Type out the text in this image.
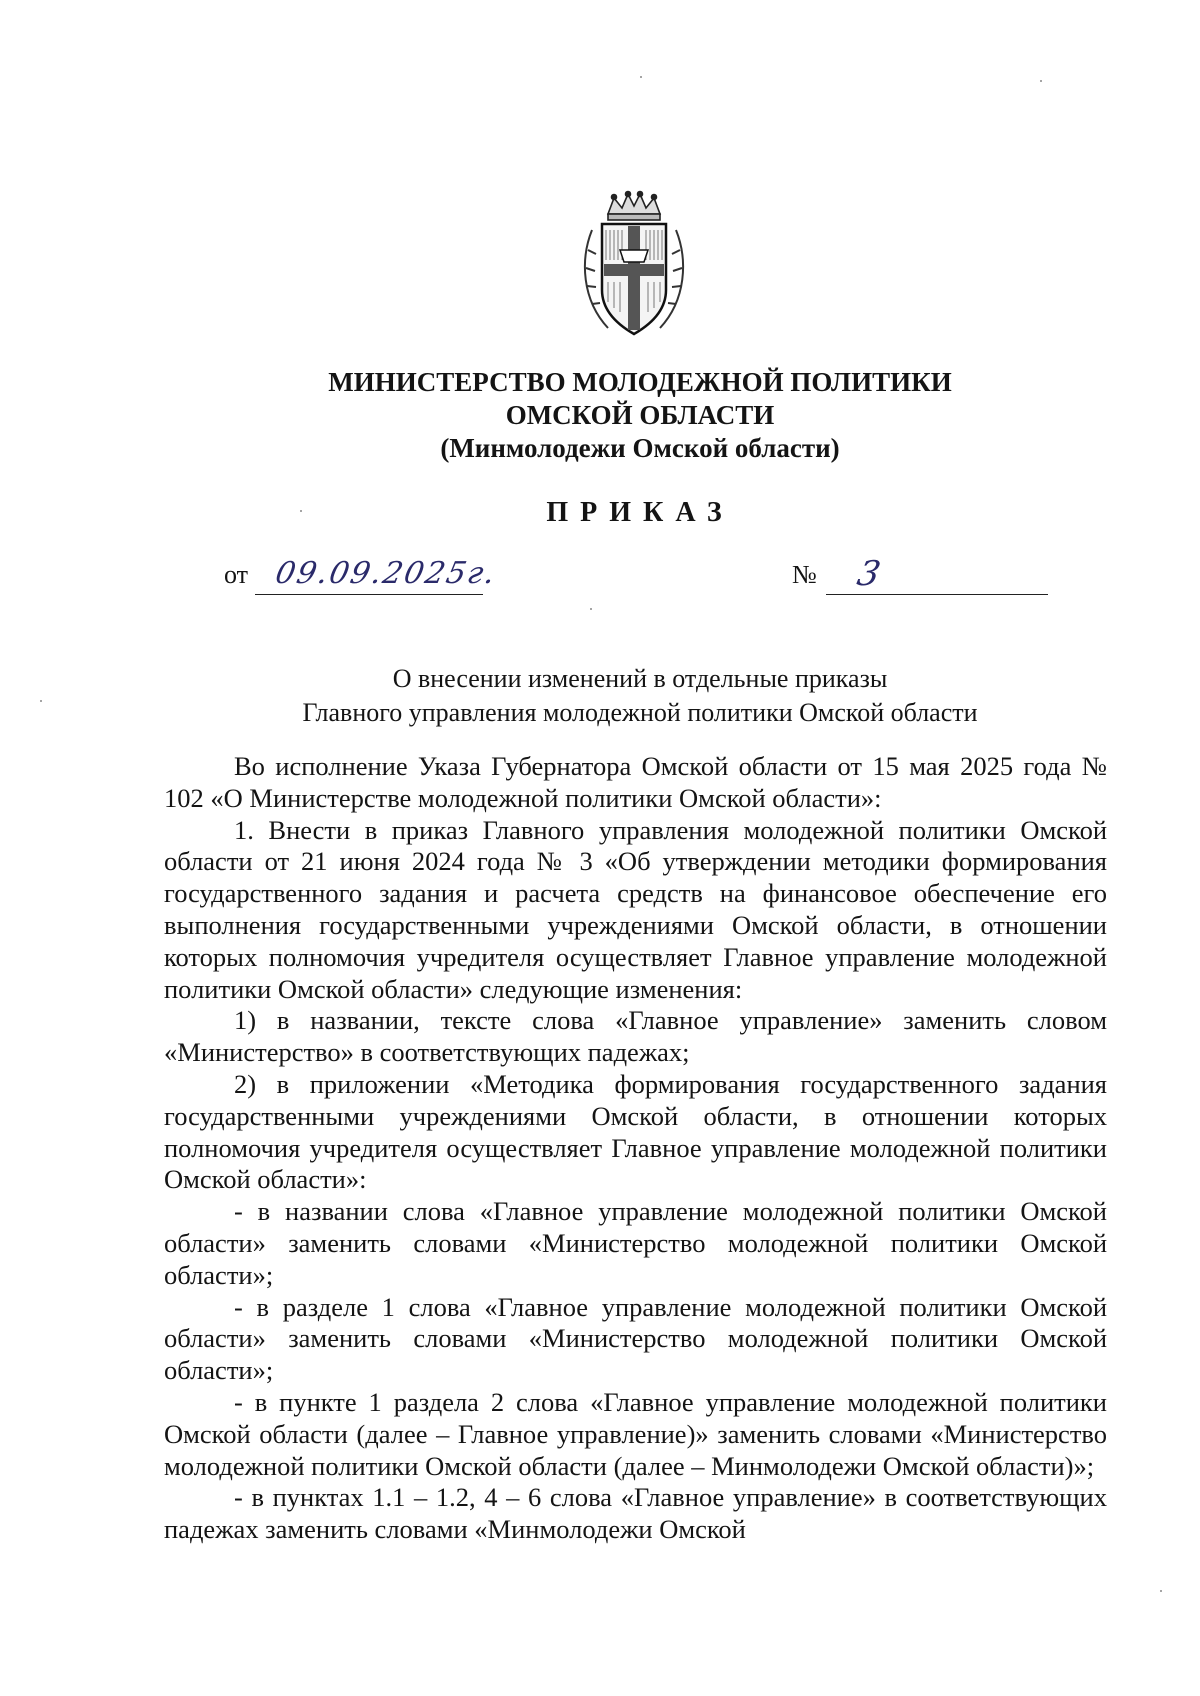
МИНИСТЕРСТВО МОЛОДЕЖНОЙ ПОЛИТИКИ
ОМСКОЙ ОБЛАСТИ
(Минмолодежи Омской области)
ПРИКАЗ
от 09.09.2025г.	№ 3
О внесении изменений в отдельные приказы
Главного управления молодежной политики Омской области

Во исполнение Указа Губернатора Омской области от 15 мая 2025 года № 102 «О Министерстве молодежной политики Омской области»:

1. Внести в приказ Главного управления молодежной политики Омской области от 21 июня 2024 года № 3 «Об утверждении методики формирования государственного задания и расчета средств на финансовое обеспечение его выполнения государственными учреждениями Омской области, в отношении которых полномочия учредителя осуществляет Главное управление молодежной политики Омской области» следующие изменения:

1) в названии, тексте слова «Главное управление» заменить словом «Министерство» в соответствующих падежах;

2) в приложении «Методика формирования государственного задания государственными учреждениями Омской области, в отношении которых полномочия учредителя осуществляет Главное управление молодежной политики Омской области»:

- в названии слова «Главное управление молодежной политики Омской области» заменить словами «Министерство молодежной политики Омской области»;

- в разделе 1 слова «Главное управление молодежной политики Омской области» заменить словами «Министерство молодежной политики Омской области»;

- в пункте 1 раздела 2 слова «Главное управление молодежной политики Омской области (далее – Главное управление)» заменить словами «Министерство молодежной политики Омской области (далее – Минмолодежи Омской области)»;

- в пунктах 1.1 – 1.2, 4 – 6 слова «Главное управление» в соответствующих падежах заменить словами «Минмолодежи Омской
